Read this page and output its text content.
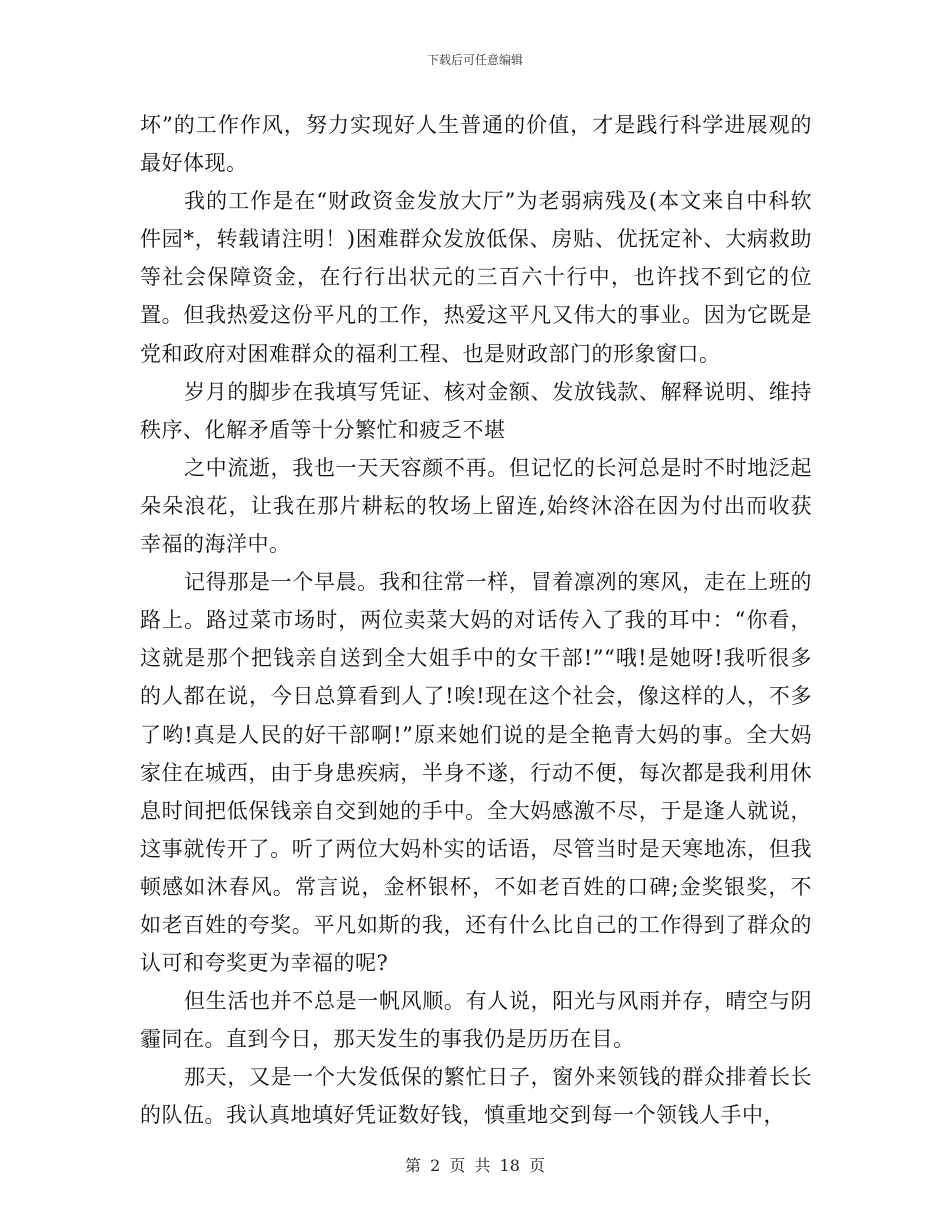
下载后可任意编辑

坏”的工作作风，努力实现好人生普通的价值，才是践行科学进展观的最好体现。

我的工作是在“财政资金发放大厅”为老弱病残及(本文来自中科软件园*，转载请注明！)困难群众发放低保、房贴、优抚定补、大病救助等社会保障资金，在行行出状元的三百六十行中，也许找不到它的位置。但我热爱这份平凡的工作，热爱这平凡又伟大的事业。因为它既是党和政府对困难群众的福利工程、也是财政部门的形象窗口。

岁月的脚步在我填写凭证、核对金额、发放钱款、解释说明、维持秩序、化解矛盾等十分繁忙和疲乏不堪

之中流逝，我也一天天容颜不再。但记忆的长河总是时不时地泛起朵朵浪花，让我在那片耕耘的牧场上留连,始终沐浴在因为付出而收获幸福的海洋中。

记得那是一个早晨。我和往常一样，冒着凛冽的寒风，走在上班的路上。路过菜市场时，两位卖菜大妈的对话传入了我的耳中：“你看，这就是那个把钱亲自送到全大姐手中的女干部!”“哦!是她呀!我听很多的人都在说，今日总算看到人了!唉!现在这个社会，像这样的人，不多了哟!真是人民的好干部啊!”原来她们说的是全艳青大妈的事。全大妈家住在城西，由于身患疾病，半身不遂，行动不便，每次都是我利用休息时间把低保钱亲自交到她的手中。全大妈感激不尽，于是逢人就说，这事就传开了。听了两位大妈朴实的话语，尽管当时是天寒地冻，但我顿感如沐春风。常言说，金杯银杯，不如老百姓的口碑;金奖银奖，不如老百姓的夸奖。平凡如斯的我，还有什么比自己的工作得到了群众的认可和夸奖更为幸福的呢?

但生活也并不总是一帆风顺。有人说，阳光与风雨并存，晴空与阴霾同在。直到今日，那天发生的事我仍是历历在目。

那天，又是一个大发低保的繁忙日子，窗外来领钱的群众排着长长的队伍。我认真地填好凭证数好钱，慎重地交到每一个领钱人手中，

第 2 页 共 18 页
